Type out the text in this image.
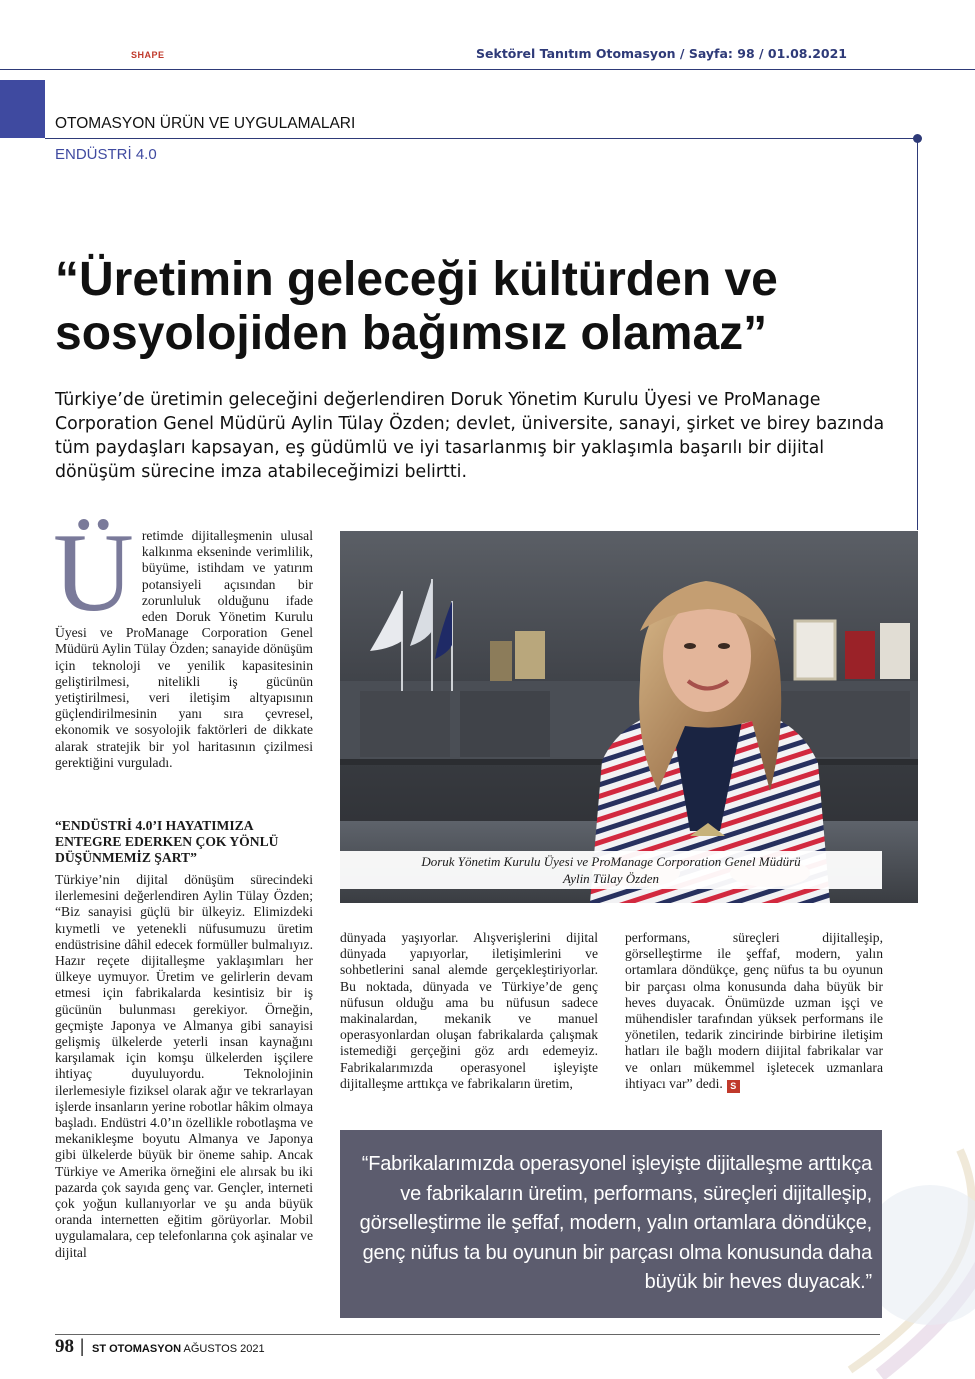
SHAPE	Sektörel Tanıtım Otomasyon / Sayfa: 98 / 01.08.2021
OTOMASYON ÜRÜN VE UYGULAMALARI
ENDÜSTRİ 4.0
“Üretimin geleceği kültürden ve sosyolojiden bağımsız olamaz”

Türkiye’de üretimin geleceğini değerlendiren Doruk Yönetim Kurulu Üyesi ve ProManage Corporation Genel Müdürü Aylin Tülay Özden; devlet, üniversite, sanayi, şirket ve birey bazında tüm paydaşları kapsayan, eş güdümlü ve iyi tasarlanmış bir yaklaşımla başarılı bir dijital dönüşüm sürecine imza atabileceğimizi belirtti.

Üretimde dijitalleşmenin ulusal kalkınma ekseninde verimlilik, büyüme, istihdam ve yatırım potansiyeli açısından bir zorunluluk olduğunu ifade eden Doruk Yönetim Kurulu Üyesi ve ProManage Corporation Genel Müdürü Aylin Tülay Özden; sanayide dönüşüm için teknoloji ve yenilik kapasitesinin geliştirilmesi, nitelikli iş gücünün yetiştirilmesi, veri iletişim altyapısının güçlendirilmesinin yanı sıra çevresel, ekonomik ve sosyolojik faktörleri de dikkate alarak stratejik bir yol haritasının çizilmesi gerektiğini vurguladı.

“ENDÜSTRİ 4.0’I HAYATIMIZA ENTEGRE EDERKEN ÇOK YÖNLÜ DÜŞÜNMEMİZ ŞART”

Türkiye’nin dijital dönüşüm sürecindeki ilerlemesini değerlendiren Aylin Tülay Özden; “Biz sanayisi güçlü bir ülkeyiz. Elimizdeki kıymetli ve yetenekli nüfusumuzu üretim endüstrisine dâhil edecek formüller bulmalıyız. Hazır reçete dijitalleşme yaklaşımları her ülkeye uymuyor. Üretim ve gelirlerin devam etmesi için fabrikalarda kesintisiz bir iş gücünün bulunması gerekiyor. Örneğin, geçmişte Japonya ve Almanya gibi sanayisi gelişmiş ülkelerde yeterli insan kaynağını karşılamak için komşu ülkelerden işçilere ihtiyaç duyuluyordu. Teknolojinin ilerlemesiyle fiziksel olarak ağır ve tekrarlayan işlerde insanların yerine robotlar hâkim olmaya başladı. Endüstri 4.0’ın özellikle robotlaşma ve mekanikleşme boyutu Almanya ve Japonya gibi ülkelerde büyük bir öneme sahip. Ancak Türkiye ve Amerika örneğini ele alırsak bu iki pazarda çok sayıda genç var. Gençler, interneti çok yoğun kullanıyorlar ve şu anda büyük oranda internetten eğitim görüyorlar. Mobil uygulamalara, cep telefonlarına çok aşinalar ve dijital

Doruk Yönetim Kurulu Üyesi ve ProManage Corporation Genel Müdürü
Aylin Tülay Özden

dünyada yaşıyorlar. Alışverişlerini dijital dünyada yapıyorlar, iletişimlerini ve sohbetlerini sanal alemde gerçekleştiriyorlar. Bu noktada, dünyada ve Türkiye’de genç nüfusun olduğu ama bu nüfusun sadece makinalardan, mekanik ve manuel operasyonlardan oluşan fabrikalarda çalışmak istemediği gerçeğini göz ardı edemeyiz. Fabrikalarımızda operasyonel işleyişte dijitalleşme arttıkça ve fabrikaların üretim,

performans, süreçleri dijitalleşip, görselleştirme ile şeffaf, modern, yalın ortamlara döndükçe, genç nüfus ta bu oyunun bir parçası olma konusunda daha büyük bir heves duyacak. Önümüzde uzman işçi ve mühendisler tarafından yüksek performans ile yönetilen, tedarik zincirinde birbirine iletişim hatları ile bağlı modern diijital fabrikalar var ve onları mükemmel işletecek uzmanlara ihtiyacı var” dedi. S

“Fabrikalarımızda operasyonel işleyişte dijitalleşme arttıkça ve fabrikaların üretim, performans, süreçleri dijitalleşip, görselleştirme ile şeffaf, modern, yalın ortamlara döndükçe, genç nüfus ta bu oyunun bir parçası olma konusunda daha büyük bir heves duyacak.”

98 | ST OTOMASYON AĞUSTOS 2021
